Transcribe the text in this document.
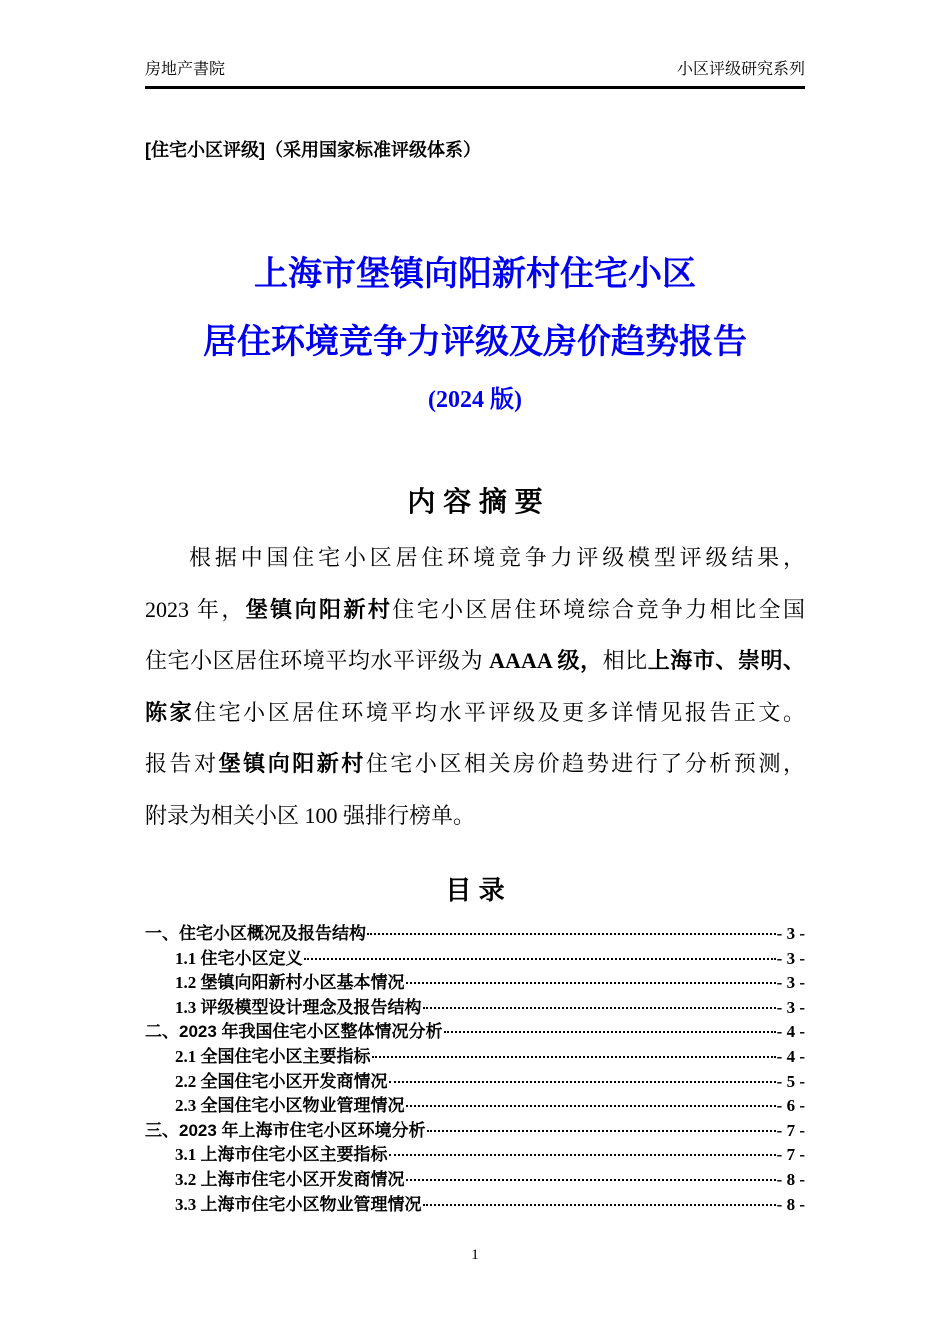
房地产書院	小区评级研究系列
[住宅小区评级]（采用国家标准评级体系）
上海市堡镇向阳新村住宅小区
居住环境竞争力评级及房价趋势报告
(2024 版)
内 容 摘 要
根据中国住宅小区居住环境竞争力评级模型评级结果，
2023 年，堡镇向阳新村住宅小区居住环境综合竞争力相比全国
住宅小区居住环境平均水平评级为 AAAA 级，相比上海市、崇明、
陈家住宅小区居住环境平均水平评级及更多详情见报告正文。
报告对堡镇向阳新村住宅小区相关房价趋势进行了分析预测，
附录为相关小区 100 强排行榜单。
目 录
一、住宅小区概况及报告结构	- 3 -
1.1 住宅小区定义	- 3 -
1.2 堡镇向阳新村小区基本情况	- 3 -
1.3 评级模型设计理念及报告结构	- 3 -
二、2023 年我国住宅小区整体情况分析	- 4 -
2.1 全国住宅小区主要指标	- 4 -
2.2 全国住宅小区开发商情况	- 5 -
2.3 全国住宅小区物业管理情况	- 6 -
三、2023 年上海市住宅小区环境分析	- 7 -
3.1 上海市住宅小区主要指标	- 7 -
3.2 上海市住宅小区开发商情况	- 8 -
3.3 上海市住宅小区物业管理情况	- 8 -
1
